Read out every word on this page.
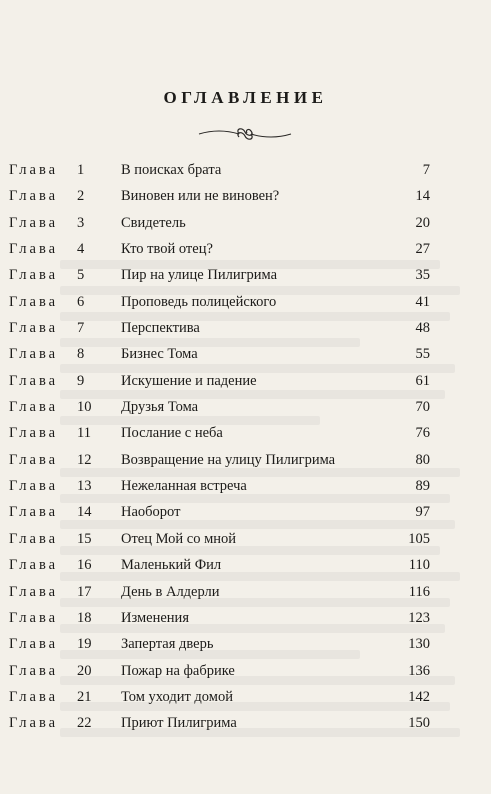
ОГЛАВЛЕНИЕ
Глава 1	В поисках брата	7
Глава 2	Виновен или не виновен?	14
Глава 3	Свидетель	20
Глава 4	Кто твой отец?	27
Глава 5	Пир на улице Пилигрима	35
Глава 6	Проповедь полицейского	41
Глава 7	Перспектива	48
Глава 8	Бизнес Тома	55
Глава 9	Искушение и падение	61
Глава 10 Друзья Тома	70
Глава 11 Послание с неба	76
Глава 12 Возвращение на улицу Пилигрима	80
Глава 13 Нежеланная встреча	89
Глава 14 Наоборот	97
Глава 15 Отец Мой со мной	105
Глава 16 Маленький Фил	110
Глава 17 День в Алдерли	116
Глава 18 Изменения	123
Глава 19 Запертая дверь	130
Глава 20 Пожар на фабрике	136
Глава 21 Том уходит домой	142
Глава 22 Приют Пилигрима	150
